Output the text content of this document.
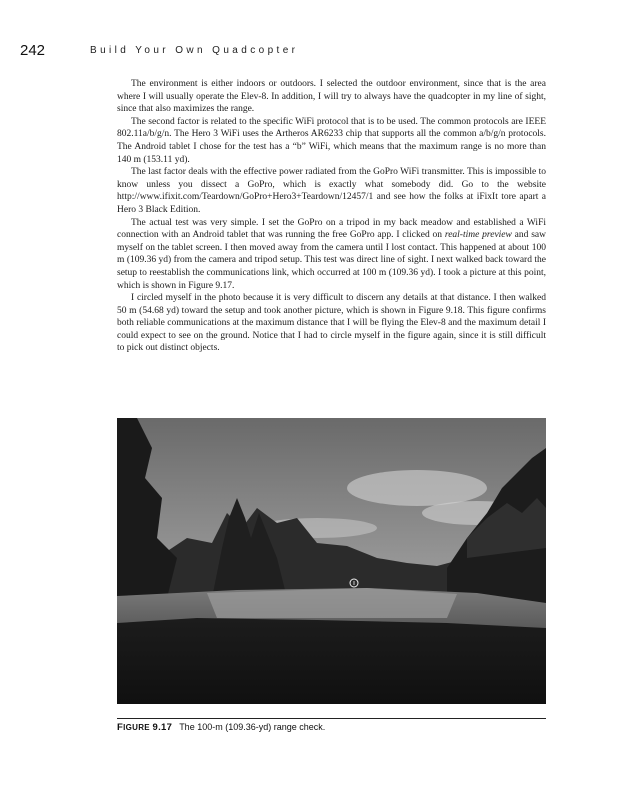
242	Build Your Own Quadcopter

The environment is either indoors or outdoors. I selected the outdoor environment, since that is the area where I will usually operate the Elev-8. In addition, I will try to always have the quadcopter in my line of sight, since that also maximizes the range.

The second factor is related to the specific WiFi protocol that is to be used. The common protocols are IEEE 802.11a/b/g/n. The Hero 3 WiFi uses the Artheros AR6233 chip that supports all the common a/b/g/n protocols. The Android tablet I chose for the test has a “b” WiFi, which means that the maximum range is no more than 140 m (153.11 yd).

The last factor deals with the effective power radiated from the GoPro WiFi transmitter. This is impossible to know unless you dissect a GoPro, which is exactly what somebody did. Go to the website http://www.ifixit.com/Teardown/GoPro+Hero3+Teardown/12457/1 and see how the folks at iFixIt tore apart a Hero 3 Black Edition.

The actual test was very simple. I set the GoPro on a tripod in my back meadow and established a WiFi connection with an Android tablet that was running the free GoPro app. I clicked on real-time preview and saw myself on the tablet screen. I then moved away from the camera until I lost contact. This happened at about 100 m (109.36 yd) from the camera and tripod setup. This test was direct line of sight. I next walked back toward the setup to reestablish the communications link, which occurred at 100 m (109.36 yd). I took a picture at this point, which is shown in Figure 9.17.

I circled myself in the photo because it is very difficult to discern any details at that distance. I then walked 50 m (54.68 yd) toward the setup and took another picture, which is shown in Figure 9.18. This figure confirms both reliable communications at the maximum distance that I will be flying the Elev-8 and the maximum detail I could expect to see on the ground. Notice that I had to circle myself in the figure again, since it is still difficult to pick out distinct objects.

FIGURE 9.17 The 100-m (109.36-yd) range check.
